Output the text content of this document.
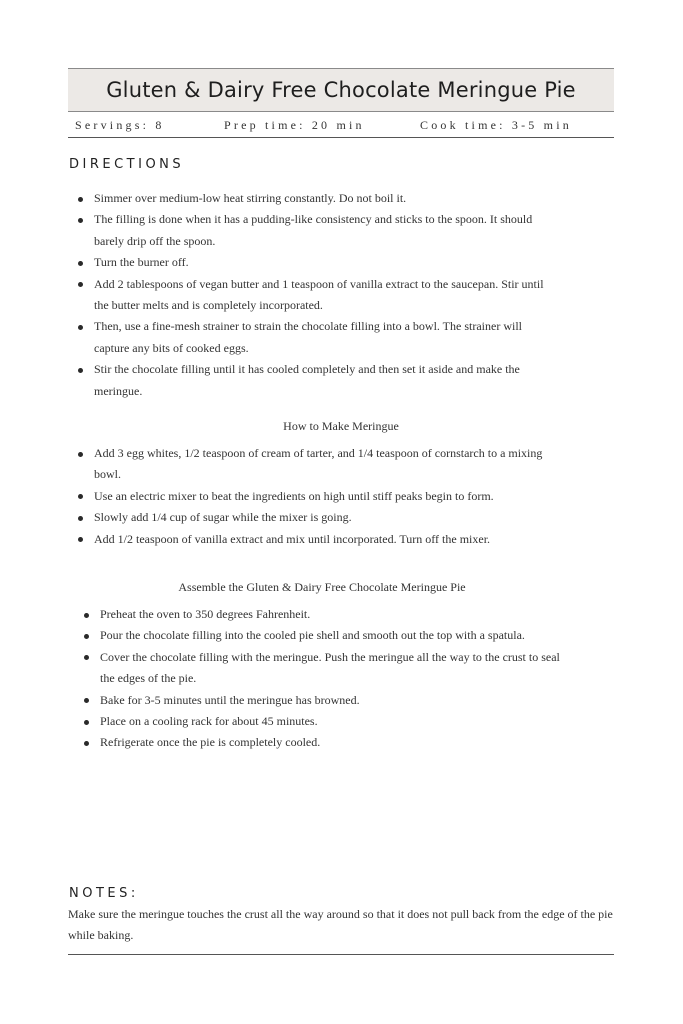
Gluten & Dairy Free Chocolate Meringue Pie
Servings: 8	Prep time: 20 min	Cook time: 3-5 min
DIRECTIONS
Simmer over medium-low heat stirring constantly. Do not boil it.
The filling is done when it has a pudding-like consistency and sticks to the spoon. It should barely drip off the spoon.
Turn the burner off.
Add 2 tablespoons of vegan butter and 1 teaspoon of vanilla extract to the saucepan. Stir until the butter melts and is completely incorporated.
Then, use a fine-mesh strainer to strain the chocolate filling into a bowl. The strainer will capture any bits of cooked eggs.
Stir the chocolate filling until it has cooled completely and then set it aside and make the meringue.
How to Make Meringue
Add 3 egg whites, 1/2 teaspoon of cream of tarter, and 1/4 teaspoon of cornstarch to a mixing bowl.
Use an electric mixer to beat the ingredients on high until stiff peaks begin to form.
Slowly add 1/4 cup of sugar while the mixer is going.
Add 1/2 teaspoon of vanilla extract and mix until incorporated. Turn off the mixer.
Assemble the Gluten & Dairy Free Chocolate Meringue Pie
Preheat the oven to 350 degrees Fahrenheit.
Pour the chocolate filling into the cooled pie shell and smooth out the top with a spatula.
Cover the chocolate filling with the meringue. Push the meringue all the way to the crust to seal the edges of the pie.
Bake for 3-5 minutes until the meringue has browned.
Place on a cooling rack for about 45 minutes.
Refrigerate once the pie is completely cooled.
NOTES:

Make sure the meringue touches the crust all the way around so that it does not pull back from the edge of the pie while baking.
